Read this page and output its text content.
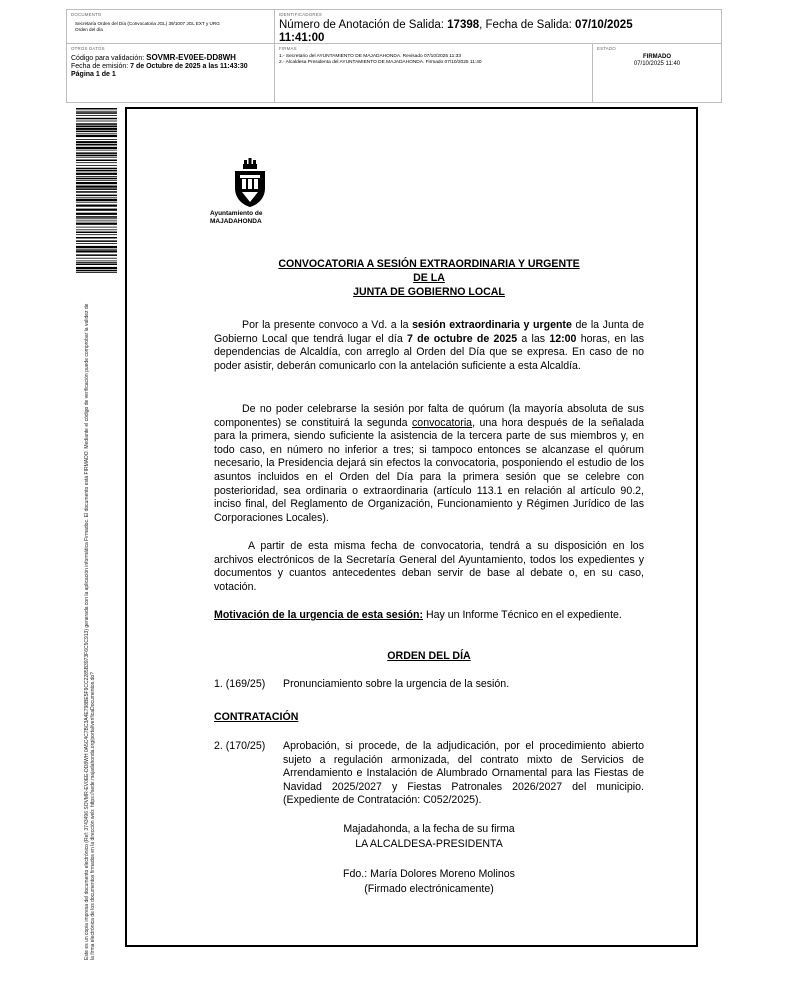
DOCUMENTO
Secretaría Orden del Día (Convocatoria JGL) 39/1007 JGL EXT y URG Orden del día
IDENTIFICADORES
Número de Anotación de Salida: 17398, Fecha de Salida: 07/10/2025
11:41:00
OTROS DATOS
Código para validación: SOVMR-EV0EE-DD8WH
Fecha de emisión: 7 de Octubre de 2025 a las 11:43:30
Página 1 de 1
FIRMAS
1.- Secretario del AYUNTAMIENTO DE MAJADAHONDA. Revisado 07/10/2025 11:33
2.- Alcaldesa Presidenta del AYUNTAMIENTO DE MAJADAHONDA. Firmado 07/10/2025 11:40
ESTADO
FIRMADO
07/10/2025 11:40
Este es un copia impresa del documento electrónico (Ref: 3743496 SOVMR-EV0EE-DD8WH 0A5C4C7BC3A4E798BE5F9CC2285B3973F6C5C913) generada con la aplicación informática Firmadoc. El documento está FIRMADO. Mediante el código de verificación puede comprobar la validez de la firma electrónica de los documentos firmados en la dirección web: https://sede.majadahonda.org/portal/verificaDocumentos.do?
Ayuntamiento de
MAJADAHONDA
CONVOCATORIA A SESIÓN EXTRAORDINARIA Y URGENTE
DE LA
JUNTA DE GOBIERNO LOCAL
Por la presente convoco a Vd. a la sesión extraordinaria y urgente de la Junta de Gobierno Local que tendrá lugar el día 7 de octubre de 2025 a las 12:00 horas, en las dependencias de Alcaldía, con arreglo al Orden del Día que se expresa. En caso de no poder asistir, deberán comunicarlo con la antelación suficiente a esta Alcaldía.
De no poder celebrarse la sesión por falta de quórum (la mayoría absoluta de sus componentes) se constituirá la segunda convocatoria, una hora después de la señalada para la primera, siendo suficiente la asistencia de la tercera parte de sus miembros y, en todo caso, en número no inferior a tres; si tampoco entonces se alcanzase el quórum necesario, la Presidencia dejará sin efectos la convocatoria, posponiendo el estudio de los asuntos incluidos en el Orden del Día para la primera sesión que se celebre con posterioridad, sea ordinaria o extraordinaria (artículo 113.1 en relación al artículo 90.2, inciso final, del Reglamento de Organización, Funcionamiento y Régimen Jurídico de las Corporaciones Locales).
A partir de esta misma fecha de convocatoria, tendrá a su disposición en los archivos electrónicos de la Secretaría General del Ayuntamiento, todos los expedientes y documentos y cuantos antecedentes deban servir de base al debate o, en su caso, votación.
Motivación de la urgencia de esta sesión: Hay un Informe Técnico en el expediente.
ORDEN DEL DÍA
1. (169/25) Pronunciamiento sobre la urgencia de la sesión.
CONTRATACIÓN
2. (170/25) Aprobación, si procede, de la adjudicación, por el procedimiento abierto sujeto a regulación armonizada, del contrato mixto de Servicios de Arrendamiento e Instalación de Alumbrado Ornamental para las Fiestas de Navidad 2025/2027 y Fiestas Patronales 2026/2027 del municipio. (Expediente de Contratación: C052/2025).
Majadahonda, a la fecha de su firma
LA ALCALDESA-PRESIDENTA
Fdo.: María Dolores Moreno Molinos
(Firmado electrónicamente)
